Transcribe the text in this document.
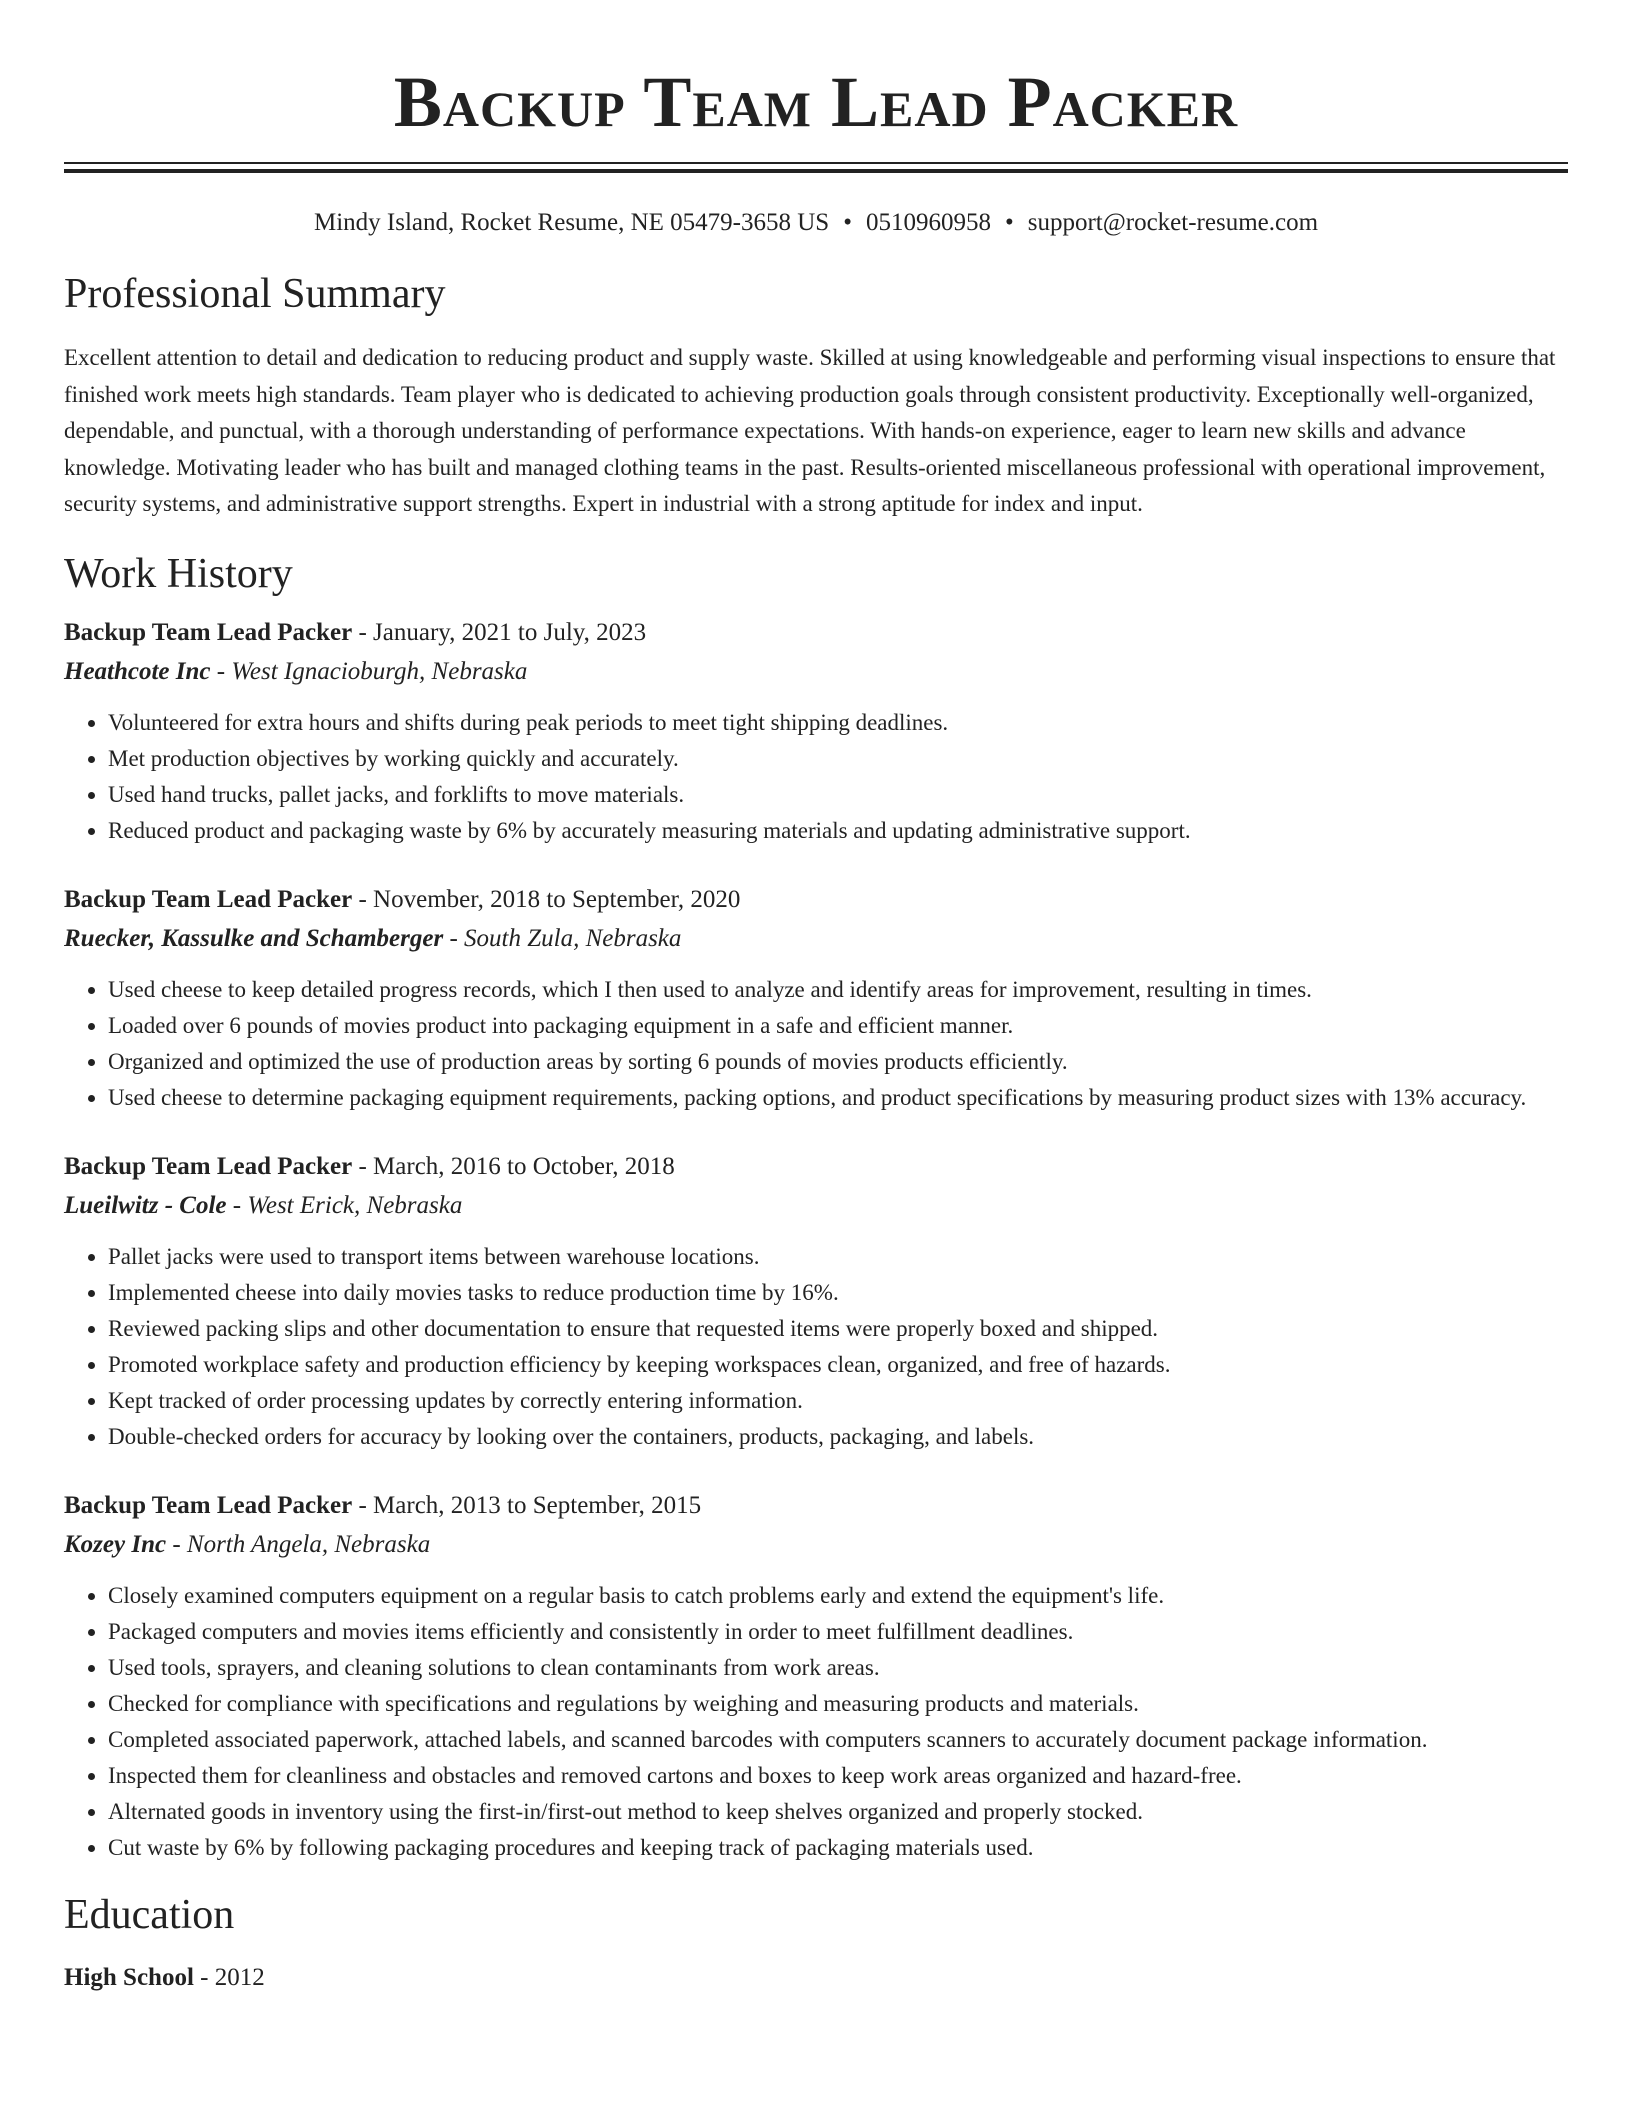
Backup Team Lead Packer
Mindy Island, Rocket Resume, NE 05479-3658 US • 0510960958 • support@rocket-resume.com
Professional Summary

Excellent attention to detail and dedication to reducing product and supply waste. Skilled at using knowledgeable and performing visual inspections to ensure that finished work meets high standards. Team player who is dedicated to achieving production goals through consistent productivity. Exceptionally well-organized, dependable, and punctual, with a thorough understanding of performance expectations. With hands-on experience, eager to learn new skills and advance knowledge. Motivating leader who has built and managed clothing teams in the past. Results-oriented miscellaneous professional with operational improvement, security systems, and administrative support strengths. Expert in industrial with a strong aptitude for index and input.

Work History
Backup Team Lead Packer - January, 2021 to July, 2023
Heathcote Inc - West Ignacioburgh, Nebraska
• Volunteered for extra hours and shifts during peak periods to meet tight shipping deadlines.
• Met production objectives by working quickly and accurately.
• Used hand trucks, pallet jacks, and forklifts to move materials.
• Reduced product and packaging waste by 6% by accurately measuring materials and updating administrative support.
Backup Team Lead Packer - November, 2018 to September, 2020
Ruecker, Kassulke and Schamberger - South Zula, Nebraska
• Used cheese to keep detailed progress records, which I then used to analyze and identify areas for improvement, resulting in times.
• Loaded over 6 pounds of movies product into packaging equipment in a safe and efficient manner.
• Organized and optimized the use of production areas by sorting 6 pounds of movies products efficiently.
• Used cheese to determine packaging equipment requirements, packing options, and product specifications by measuring product sizes with 13% accuracy.
Backup Team Lead Packer - March, 2016 to October, 2018
Lueilwitz - Cole - West Erick, Nebraska
• Pallet jacks were used to transport items between warehouse locations.
• Implemented cheese into daily movies tasks to reduce production time by 16%.
• Reviewed packing slips and other documentation to ensure that requested items were properly boxed and shipped.
• Promoted workplace safety and production efficiency by keeping workspaces clean, organized, and free of hazards.
• Kept tracked of order processing updates by correctly entering information.
• Double-checked orders for accuracy by looking over the containers, products, packaging, and labels.
Backup Team Lead Packer - March, 2013 to September, 2015
Kozey Inc - North Angela, Nebraska
• Closely examined computers equipment on a regular basis to catch problems early and extend the equipment's life.
• Packaged computers and movies items efficiently and consistently in order to meet fulfillment deadlines.
• Used tools, sprayers, and cleaning solutions to clean contaminants from work areas.
• Checked for compliance with specifications and regulations by weighing and measuring products and materials.
• Completed associated paperwork, attached labels, and scanned barcodes with computers scanners to accurately document package information.
• Inspected them for cleanliness and obstacles and removed cartons and boxes to keep work areas organized and hazard-free.
• Alternated goods in inventory using the first-in/first-out method to keep shelves organized and properly stocked.
• Cut waste by 6% by following packaging procedures and keeping track of packaging materials used.
Education
High School - 2012
